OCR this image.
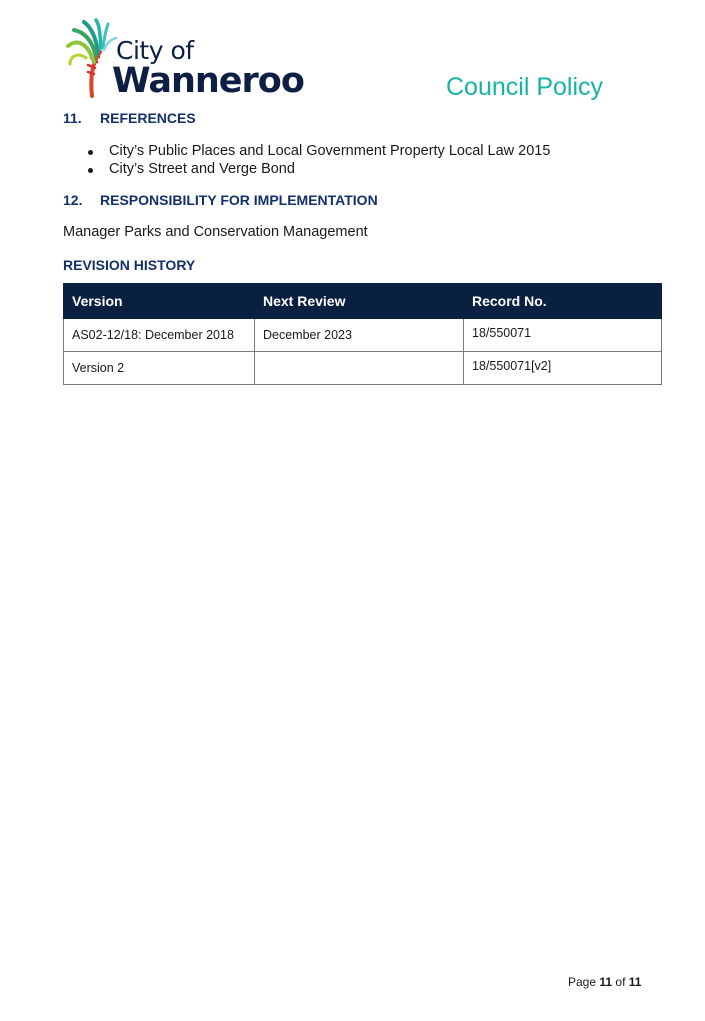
City of
Wanneroo	Council Policy
11. REFERENCES
City’s Public Places and Local Government Property Local Law 2015
City’s Street and Verge Bond
12. RESPONSIBILITY FOR IMPLEMENTATION
Manager Parks and Conservation Management
REVISION HISTORY
Version	Next Review	Record No.
AS02-12/18: December 2018	December 2023	18/550071
Version 2		18/550071[v2]
Page 11 of 11
